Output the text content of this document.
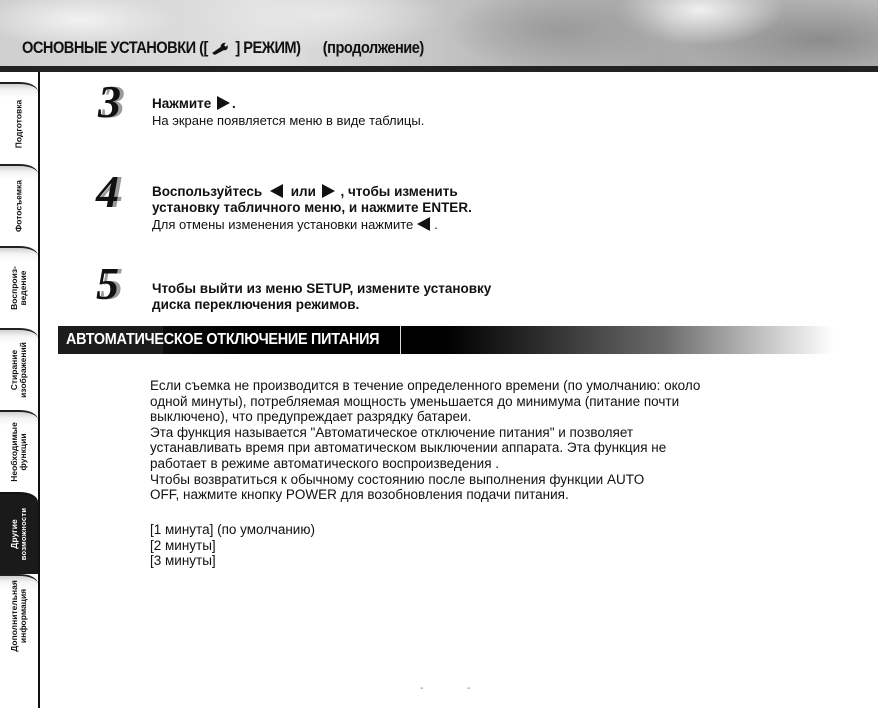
ОСНОВНЫЕ УСТАНОВКИ ([ ] РЕЖИМ) (продолжение)
Подготовка
Фотосъемка
Воспроиз-
ведение
Стирание
изображений
Необходимые
функции
Другие
возможности
Дополнительная
информация
3	Нажмите .
На экране появляется меню в виде таблицы.
4	Воспользуйтесь или , чтобы изменить
установку табличного меню, и нажмите ENTER.
Для отмены изменения установки нажмите .
5	Чтобы выйти из меню SETUP, измените установку
диска переключения режимов.
АВТОМАТИЧЕСКОЕ ОТКЛЮЧЕНИЕ ПИТАНИЯ
Если съемка не производится в течение определенного времени (по умолчанию: около
одной минуты), потребляемая мощность уменьшается до минимума (питание почти
выключено), что предупреждает разрядку батареи.
Эта функция называется "Автоматическое отключение питания" и позволяет
устанавливать время при автоматическом выключении аппарата. Эта функция не
работает в режиме автоматического воспроизведения .
Чтобы возвратиться к обычному состоянию после выполнения функции AUTO
OFF, нажмите кнопку POWER для возобновления подачи питания.
[1 минута] (по умолчанию)
[2 минуты]
[3 минуты]
-	-
